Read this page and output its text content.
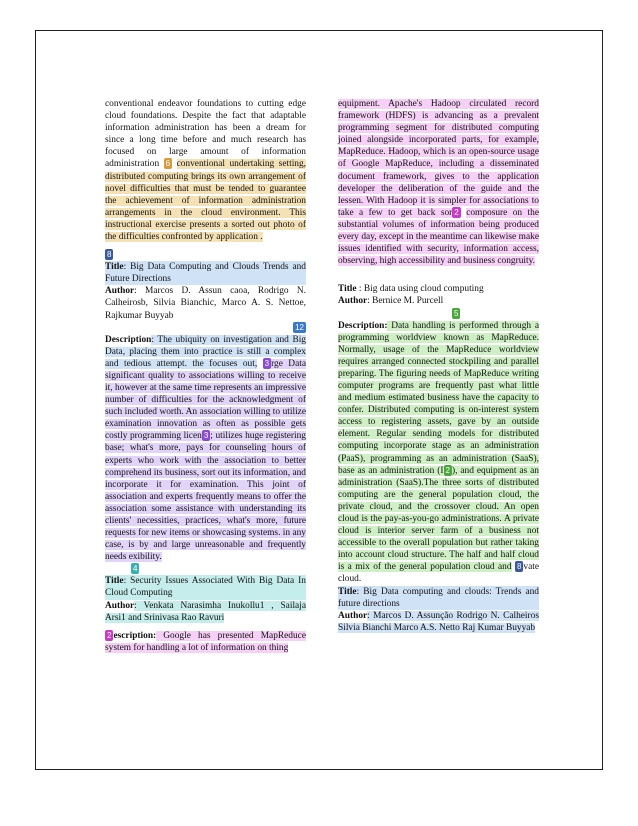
conventional endeavor foundations to cutting edge cloud foundations. Despite the fact that adaptable information administration has been a dream for since a long time before and much research has focused on large amount of information administration 6 conventional undertaking setting, distributed computing brings its own arrangement of novel difficulties that must be tended to guarantee the achievement of information administration arrangements in the cloud environment. This instructional exercise presents a sorted out photo of the difficulties confronted by application .

8

Title: Big Data Computing and Clouds Trends and Future Directions

Author: Marcos D. Assun caoa, Rodrigo N. Calheirosb, Silvia Bianchic, Marco A. S. Nettoe, Rajkumar Buyyab

12

Description: The ubiquity on investigation and Big Data, placing them into practice is still a complex and tedious attempt. the focuses out, 3 rge Data significant quality to associations willing to receive it, however at the same time represents an impressive number of difficulties for the acknowledgment of such included worth. An association willing to utilize examination innovation as often as possible gets costly programming licen 3 ; utilizes huge registering base; what's more, pays for counseling hours of experts who work with the association to better comprehend its business, sort out its information, and incorporate it for examination. This joint of association and experts frequently means to offer the association some assistance with understanding its clients' necessities, practices, what's more, future requests for new items or showcasing systems. in any case, is by and large unreasonable and frequently needs exibility.

4

Title: Security Issues Associated With Big Data In Cloud Computing

Author: Venkata Narasimha Inukollu1 , Sailaja Arsi1 and Srinivasa Rao Ravuri

2 escription: Google has presented MapReduce system for handling a lot of information on thing

equipment. Apache's Hadoop circulated record framework (HDFS) is advancing as a prevalent programming segment for distributed computing joined alongside incorporated parts, for example, MapReduce. Hadoop, which is an open-source usage of Google MapReduce, including a disseminated document framework, gives to the application developer the deliberation of the guide and the lessen. With Hadoop it is simpler for associations to take a few to get back sor 2 composure on the substantial volumes of information being produced every day, except in the meantime can likewise make issues identified with security, information access, observing, high accessibility and business congruity.

Title : Big data using cloud computing

Author: Bernice M. Purcell

5

Description: Data handling is performed through a programming worldview known as MapReduce. Normally, usage of the MapReduce worldview requires arranged connected stockpiling and parallel preparing. The figuring needs of MapReduce writing computer programs are frequently past what little and medium estimated business have the capacity to confer. Distributed computing is on-interest system access to registering assets, gave by an outside element. Regular sending models for distributed computing incorporate stage as an administration (PaaS), programming as an administration (SaaS), base as an administration (I 2 ), and equipment as an administration (SaaS).The three sorts of distributed computing are the general population cloud, the private cloud, and the crossover cloud. An open cloud is the pay-as-you-go administrations. A private cloud is interior server farm of a business not accessible to the overall population but rather taking into account cloud structure. The half and half cloud is a mix of the general population cloud and 8 vate cloud.

Title: Big Data computing and clouds: Trends and future directions

Author: Marcos D. Assunção Rodrigo N. Calheiros Silvia Bianchi Marco A.S. Netto Raj Kumar Buyyab
